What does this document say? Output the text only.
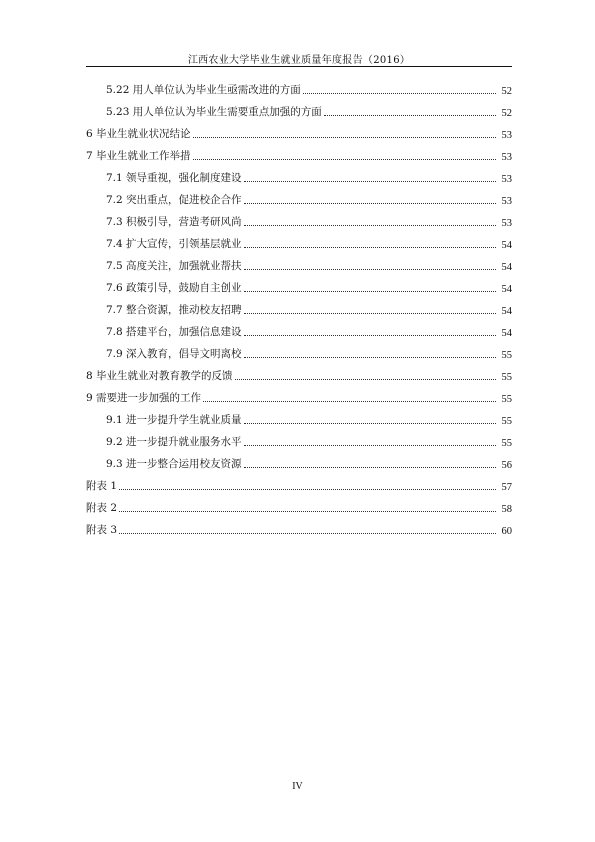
江西农业大学毕业生就业质量年度报告（2016）
5.22 用人单位认为毕业生亟需改进的方面	52
5.23 用人单位认为毕业生需要重点加强的方面	52
6 毕业生就业状况结论	53
7 毕业生就业工作举措	53
7.1 领导重视，强化制度建设	53
7.2 突出重点，促进校企合作	53
7.3 积极引导，营造考研风尚	53
7.4 扩大宣传，引领基层就业	54
7.5 高度关注，加强就业帮扶	54
7.6 政策引导，鼓励自主创业	54
7.7 整合资源，推动校友招聘	54
7.8 搭建平台，加强信息建设	54
7.9 深入教育，倡导文明离校	55
8 毕业生就业对教育教学的反馈	55
9 需要进一步加强的工作	55
9.1 进一步提升学生就业质量	55
9.2 进一步提升就业服务水平	55
9.3 进一步整合运用校友资源	56
附表 1	57
附表 2	58
附表 3	60
IV
